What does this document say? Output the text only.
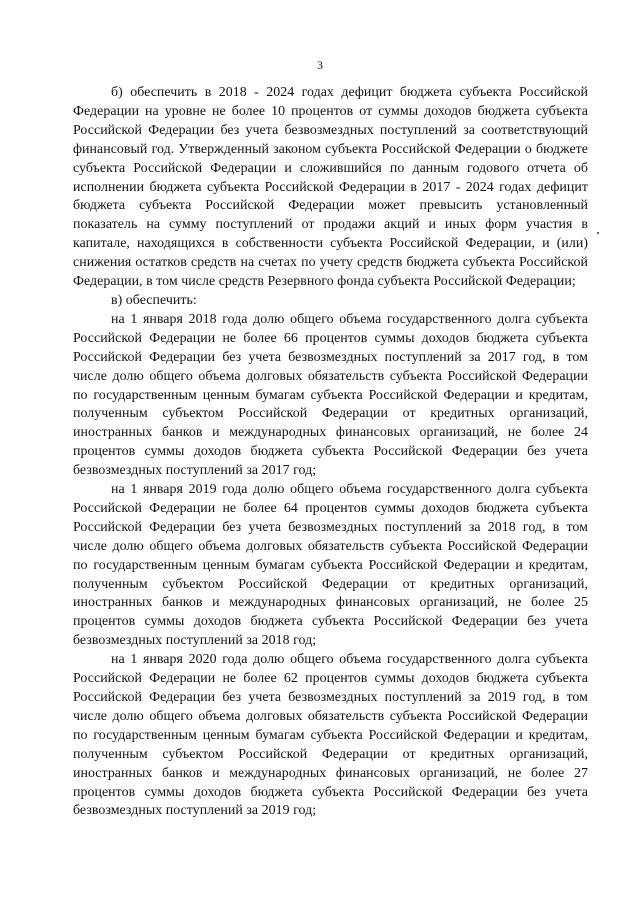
3

б) обеспечить в 2018 - 2024 годах дефицит бюджета субъекта Российской Федерации на уровне не более 10 процентов от суммы доходов бюджета субъекта Российской Федерации без учета безвозмездных поступлений за соответствующий финансовый год. Утвержденный законом субъекта Российской Федерации о бюджете субъекта Российской Федерации и сложившийся по данным годового отчета об исполнении бюджета субъекта Российской Федерации в 2017 - 2024 годах дефицит бюджета субъекта Российской Федерации может превысить установленный показатель на сумму поступлений от продажи акций и иных форм участия в капитале, находящихся в собственности субъекта Российской Федерации, и (или) снижения остатков средств на счетах по учету средств бюджета субъекта Российской Федерации, в том числе средств Резервного фонда субъекта Российской Федерации;

в) обеспечить:

на 1 января 2018 года долю общего объема государственного долга субъекта Российской Федерации не более 66 процентов суммы доходов бюджета субъекта Российской Федерации без учета безвозмездных поступлений за 2017 год, в том числе долю общего объема долговых обязательств субъекта Российской Федерации по государственным ценным бумагам субъекта Российской Федерации и кредитам, полученным субъектом Российской Федерации от кредитных организаций, иностранных банков и международных финансовых организаций, не более 24 процентов суммы доходов бюджета субъекта Российской Федерации без учета безвозмездных поступлений за 2017 год;

на 1 января 2019 года долю общего объема государственного долга субъекта Российской Федерации не более 64 процентов суммы доходов бюджета субъекта Российской Федерации без учета безвозмездных поступлений за 2018 год, в том числе долю общего объема долговых обязательств субъекта Российской Федерации по государственным ценным бумагам субъекта Российской Федерации и кредитам, полученным субъектом Российской Федерации от кредитных организаций, иностранных банков и международных финансовых организаций, не более 25 процентов суммы доходов бюджета субъекта Российской Федерации без учета безвозмездных поступлений за 2018 год;

на 1 января 2020 года долю общего объема государственного долга субъекта Российской Федерации не более 62 процентов суммы доходов бюджета субъекта Российской Федерации без учета безвозмездных поступлений за 2019 год, в том числе долю общего объема долговых обязательств субъекта Российской Федерации по государственным ценным бумагам субъекта Российской Федерации и кредитам, полученным субъектом Российской Федерации от кредитных организаций, иностранных банков и международных финансовых организаций, не более 27 процентов суммы доходов бюджета субъекта Российской Федерации без учета безвозмездных поступлений за 2019 год;
